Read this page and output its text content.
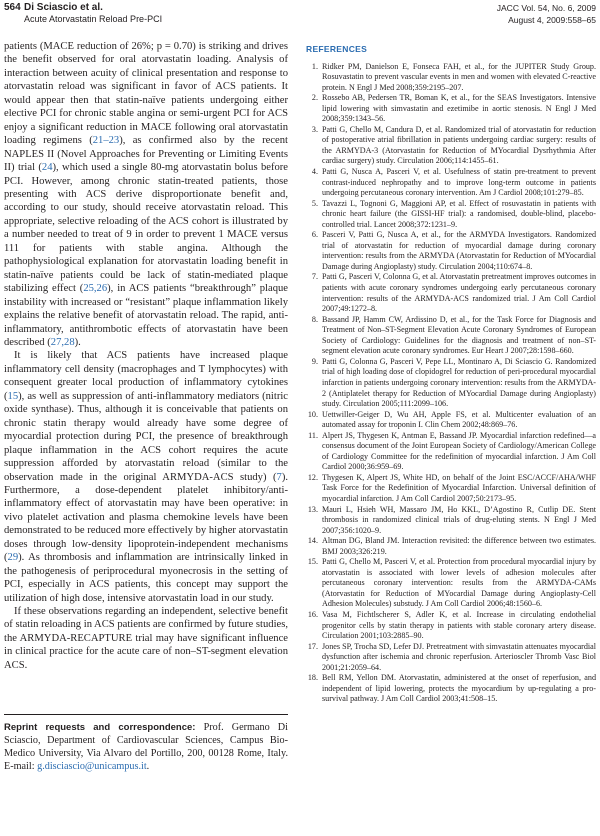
564 Di Sciascio et al.
Acute Atorvastatin Reload Pre-PCI
JACC Vol. 54, No. 6, 2009
August 4, 2009:558–65

patients (MACE reduction of 26%; p = 0.70) is striking and drives the benefit observed for oral atorvastatin loading. Analysis of interaction between acuity of clinical presentation and response to atorvastatin reload was significant in favor of ACS patients. It would appear then that statin-naïve patients undergoing either elective PCI for chronic stable angina or semi-urgent PCI for ACS enjoy a significant reduction in MACE following oral atorvastatin loading regimens (21–23), as confirmed also by the recent NAPLES II (Novel Approaches for Preventing or Limiting Events II) trial (24), which used a single 80-mg atorvastatin bolus before PCI. However, among chronic statin-treated patients, those presenting with ACS derive disproportionate benefit and, according to our study, should receive atorvastatin reload. This appropriate, selective reloading of the ACS cohort is illustrated by a number needed to treat of 9 in order to prevent 1 MACE versus 111 for patients with stable angina. Although the pathophysiological explanation for atorvastatin loading benefit in statin-naïve patients could be lack of statin-mediated plaque stabilizing effect (25,26), in ACS patients “breakthrough” plaque instability with increased or “resistant” plaque inflammation likely explains the relative benefit of atorvastatin reload. The rapid, anti-inflammatory, antithrombotic effects of atorvastatin have been described (27,28).

It is likely that ACS patients have increased plaque inflammatory cell density (macrophages and T lymphocytes) with consequent greater local production of inflammatory cytokines (15), as well as suppression of anti-inflammatory mediators (nitric oxide synthase). Thus, although it is conceivable that patients on chronic statin therapy would already have some degree of myocardial protection during PCI, the presence of breakthrough plaque inflammation in the ACS cohort requires the acute suppression afforded by atorvastatin reload (similar to the observation made in the original ARMYDA-ACS study) (7). Furthermore, a dose-dependent platelet inhibitory/anti-inflammatory effect of atorvastatin may have been operative: in vivo platelet activation and plasma chemokine levels have been demonstrated to be reduced more effectively by higher atorvastatin doses through low-density lipoprotein-independent mechanisms (29). As thrombosis and inflammation are intrinsically linked in the pathogenesis of periprocedural myonecrosis in the setting of PCI, especially in ACS patients, this concept may support the utilization of high dose, intensive atorvastatin load in our study.

If these observations regarding an independent, selective benefit of statin reloading in ACS patients are confirmed by future studies, the ARMYDA-RECAPTURE trial may have significant influence in clinical practice for the acute care of non–ST-segment elevation ACS.

Reprint requests and correspondence: Prof. Germano Di Sciascio, Department of Cardiovascular Sciences, Campus Bio-Medico University, Via Alvaro del Portillo, 200, 00128 Rome, Italy. E-mail: g.disciascio@unicampus.it.
REFERENCES
1. Ridker PM, Danielson E, Fonseca FAH, et al., for the JUPITER Study Group. Rosuvastatin to prevent vascular events in men and women with elevated C-reactive protein. N Engl J Med 2008;359:2195–207.
2. Rossebo AB, Pedersen TR, Boman K, et al., for the SEAS Investigators. Intensive lipid lowering with simvastatin and ezetimibe in aortic stenosis. N Engl J Med 2008;359:1343–56.
3. Patti G, Chello M, Candura D, et al. Randomized trial of atorvastatin for reduction of postoperative atrial fibrillation in patients undergoing cardiac surgery: results of the ARMYDA-3 (Atorvastatin for Reduction of MYocardial Dysrhythmia After cardiac surgery) study. Circulation 2006;114:1455–61.
4. Patti G, Nusca A, Pasceri V, et al. Usefulness of statin pre-treatment to prevent contrast-induced nephropathy and to improve long-term outcome in patients undergoing percutaneous coronary intervention. Am J Cardiol 2008;101:279–85.
5. Tavazzi L, Tognoni G, Maggioni AP, et al. Effect of rosuvastatin in patients with chronic heart failure (the GISSI-HF trial): a randomised, double-blind, placebo-controlled trial. Lancet 2008;372:1231–9.
6. Pasceri V, Patti G, Nusca A, et al., for the ARMYDA Investigators. Randomized trial of atorvastatin for reduction of myocardial damage during coronary intervention: results from the ARMYDA (Atorvastatin for Reduction of MYocardial Damage during Angioplasty) study. Circulation 2004;110:674–8.
7. Patti G, Pasceri V, Colonna G, et al. Atorvastatin pretreatment improves outcomes in patients with acute coronary syndromes undergoing early percutaneous coronary intervention: results of the ARMYDA-ACS randomized trial. J Am Coll Cardiol 2007;49:1272–8.
8. Bassand JP, Hamm CW, Ardissino D, et al., for the Task Force for Diagnosis and Treatment of Non–ST-Segment Elevation Acute Coronary Syndromes of European Society of Cardiology: Guidelines for the diagnosis and treatment of non–ST-segment elevation acute coronary syndromes. Eur Heart J 2007;28:1598–660.
9. Patti G, Colonna G, Pasceri V, Pepe LL, Montinaro A, Di Sciascio G. Randomized trial of high loading dose of clopidogrel for reduction of peri-procedural myocardial infarction in patients undergoing coronary intervention: results from the ARMYDA-2 (Antiplatelet therapy for Reduction of MYocardial Damage during Angioplasty) study. Circulation 2005;111:2099–106.
10. Uettwiller-Geiger D, Wu AH, Apple FS, et al. Multicenter evaluation of an automated assay for troponin I. Clin Chem 2002;48:869–76.
11. Alpert JS, Thygesen K, Antman E, Bassand JP. Myocardial infarction redefined—a consensus document of the Joint European Society of Cardiology/American College of Cardiology Committee for the redefinition of myocardial infarction. J Am Coll Cardiol 2000;36:959–69.
12. Thygesen K, Alpert JS, White HD, on behalf of the Joint ESC/ACCF/AHA/WHF Task Force for the Redefinition of Myocardial Infarction. Universal definition of myocardial infarction. J Am Coll Cardiol 2007;50:2173–95.
13. Mauri L, Hsieh WH, Massaro JM, Ho KKL, D’Agostino R, Cutlip DE. Stent thrombosis in randomized clinical trials of drug-eluting stents. N Engl J Med 2007;356:1020–9.
14. Altman DG, Bland JM. Interaction revisited: the difference between two estimates. BMJ 2003;326:219.
15. Patti G, Chello M, Pasceri V, et al. Protection from procedural myocardial injury by atorvastatin is associated with lower levels of adhesion molecules after percutaneous coronary intervention: results from the ARMYDA-CAMs (Atorvastatin for Reduction of MYocardial Damage during Angioplasty-Cell Adhesion Molecules) substudy. J Am Coll Cardiol 2006;48:1560–6.
16. Vasa M, Fichtlscherer S, Adler K, et al. Increase in circulating endothelial progenitor cells by statin therapy in patients with stable coronary artery disease. Circulation 2001;103:2885–90.
17. Jones SP, Trocha SD, Lefer DJ. Pretreatment with simvastatin attenuates myocardial dysfunction after ischemia and chronic reperfusion. Arterioscler Thromb Vasc Biol 2001;21:2059–64.
18. Bell RM, Yellon DM. Atorvastatin, administered at the onset of reperfusion, and independent of lipid lowering, protects the myocardium by up-regulating a pro-survival pathway. J Am Coll Cardiol 2003;41:508–15.
